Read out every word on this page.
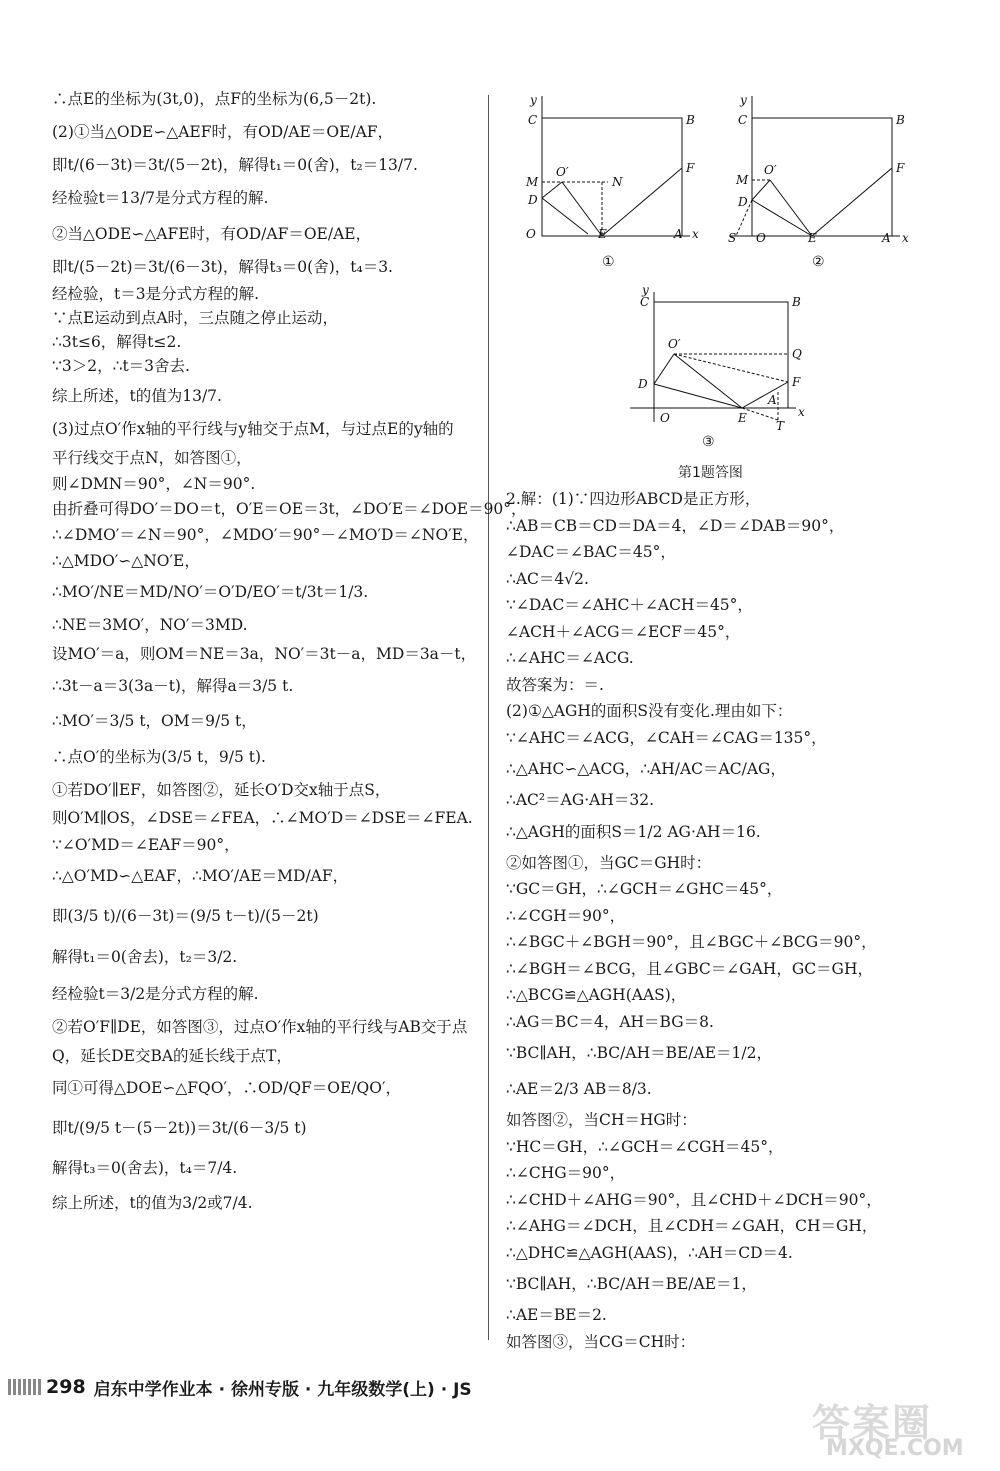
∴点E的坐标为(3t,0)，点F的坐标为(6,5－2t).
(2)①当△ODE∽△AEF时，有OD/AE＝OE/AF，
即t/(6－3t)＝3t/(5－2t)，解得t₁＝0(舍)，t₂＝13/7.
经检验t＝13/7是分式方程的解.
②当△ODE∽△AFE时，有OD/AF＝OE/AE，
即t/(5－2t)＝3t/(6－3t)，解得t₃＝0(舍)，t₄＝3.
经检验，t＝3是分式方程的解.
∵点E运动到点A时，三点随之停止运动，
∴3t≤6，解得t≤2.
∵3＞2，∴t＝3舍去.
综上所述，t的值为13/7.
(3)过点O′作x轴的平行线与y轴交于点M，与过点E的y轴的
平行线交于点N，如答图①，
则∠DMN＝90°，∠N＝90°.
由折叠可得DO′＝DO＝t，O′E＝OE＝3t，∠DO′E＝∠DOE＝90°，
∴∠DMO′＝∠N＝90°，∠MDO′＝90°－∠MO′D＝∠NO′E，
∴△MDO′∽△NO′E，
∴MO′/NE＝MD/NO′＝O′D/EO′＝t/3t＝1/3.
∴NE＝3MO′，NO′＝3MD.
设MO′＝a，则OM＝NE＝3a，NO′＝3t－a，MD＝3a－t，
∴3t－a＝3(3a－t)，解得a＝3/5 t.
∴MO′＝3/5 t，OM＝9/5 t，
∴点O′的坐标为(3/5 t，9/5 t).
①若DO′∥EF，如答图②，延长O′D交x轴于点S，
则O′M∥OS，∠DSE＝∠FEA，∴∠MO′D＝∠DSE＝∠FEA.
∵∠O′MD＝∠EAF＝90°，
∴△O′MD∽△EAF，∴MO′/AE＝MD/AF，
即(3/5 t)/(6－3t)＝(9/5 t－t)/(5－2t)
解得t₁＝0(舍去)，t₂＝3/2.
经检验t＝3/2是分式方程的解.
②若O′F∥DE，如答图③，过点O′作x轴的平行线与AB交于点
Q，延长DE交BA的延长线于点T，
同①可得△DOE∽△FQO′，∴OD/QF＝OE/QO′，
即t/(9/5 t－(5－2t))＝3t/(6－3/5 t)
解得t₃＝0(舍去)，t₄＝7/4.
综上所述，t的值为3/2或7/4.
y
C	B
M
O′
N
D
F
O	E	A x
①
y
C	B
M
O′
D
F
S O	E	A x
②
y
C	B
O′
Q
D	F
O	E
A
T
x
③
第1题答图
2.解：(1)∵四边形ABCD是正方形，
∴AB＝CB＝CD＝DA＝4，∠D＝∠DAB＝90°，
∠DAC＝∠BAC＝45°，
∴AC＝4√2.
∵∠DAC＝∠AHC＋∠ACH＝45°，
∠ACH＋∠ACG＝∠ECF＝45°，
∴∠AHC＝∠ACG.
故答案为：＝.
(2)①△AGH的面积S没有变化.理由如下：
∵∠AHC＝∠ACG，∠CAH＝∠CAG＝135°，
∴△AHC∽△ACG，∴AH/AC＝AC/AG，
∴AC²＝AG·AH＝32.
∴△AGH的面积S＝1/2 AG·AH＝16.
②如答图①，当GC＝GH时：
∵GC＝GH，∴∠GCH＝∠GHC＝45°，
∴∠CGH＝90°，
∴∠BGC＋∠BGH＝90°，且∠BGC＋∠BCG＝90°，
∴∠BGH＝∠BCG，且∠GBC＝∠GAH，GC＝GH，
∴△BCG≌△AGH(AAS)，
∴AG＝BC＝4，AH＝BG＝8.
∵BC∥AH，∴BC/AH＝BE/AE＝1/2，
∴AE＝2/3 AB＝8/3.
如答图②，当CH＝HG时：
∵HC＝GH，∴∠GCH＝∠CGH＝45°，
∴∠CHG＝90°，
∴∠CHD＋∠AHG＝90°，且∠CHD＋∠DCH＝90°，
∴∠AHG＝∠DCH，且∠CDH＝∠GAH，CH＝GH，
∴△DHC≌△AGH(AAS)，∴AH＝CD＝4.
∵BC∥AH，∴BC/AH＝BE/AE＝1，
∴AE＝BE＝2.
如答图③，当CG＝CH时：
298 启东中学作业本 · 徐州专版 · 九年级数学(上) · JS
答案圈
MXQE.COM
